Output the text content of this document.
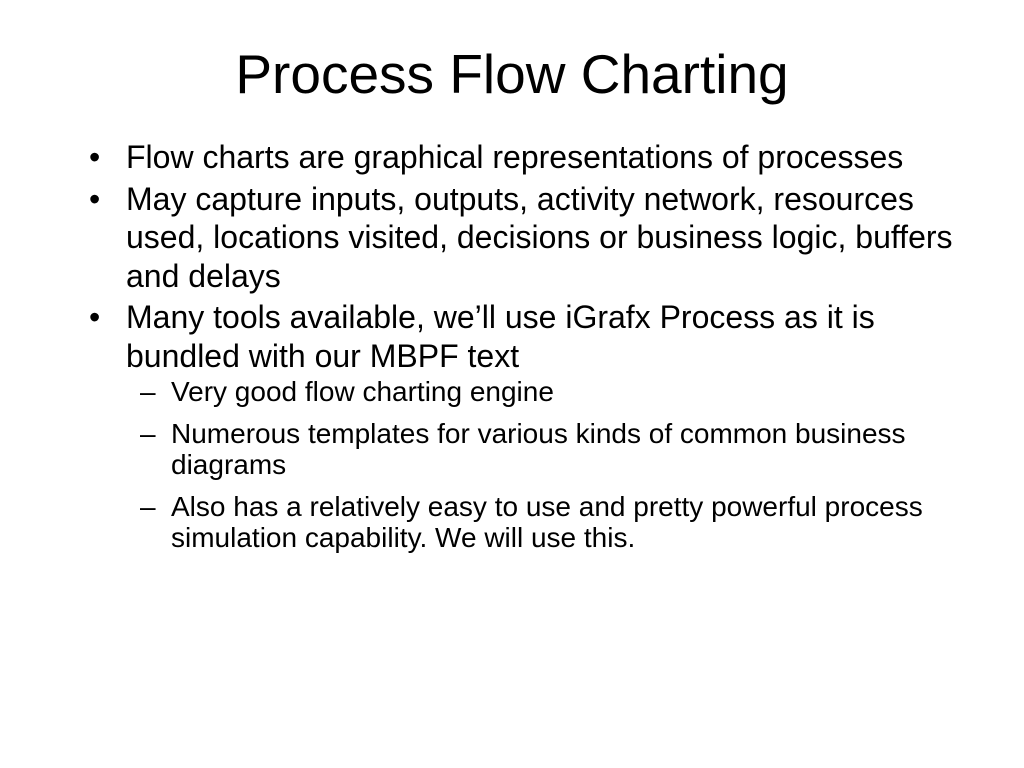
Process Flow Charting
• Flow charts are graphical representations of processes
• May capture inputs, outputs, activity network, resources used, locations visited, decisions or business logic, buffers and delays
• Many tools available, we’ll use iGrafx Process as it is bundled with our MBPF text
– Very good flow charting engine
– Numerous templates for various kinds of common business diagrams
– Also has a relatively easy to use and pretty powerful process simulation capability. We will use this.
